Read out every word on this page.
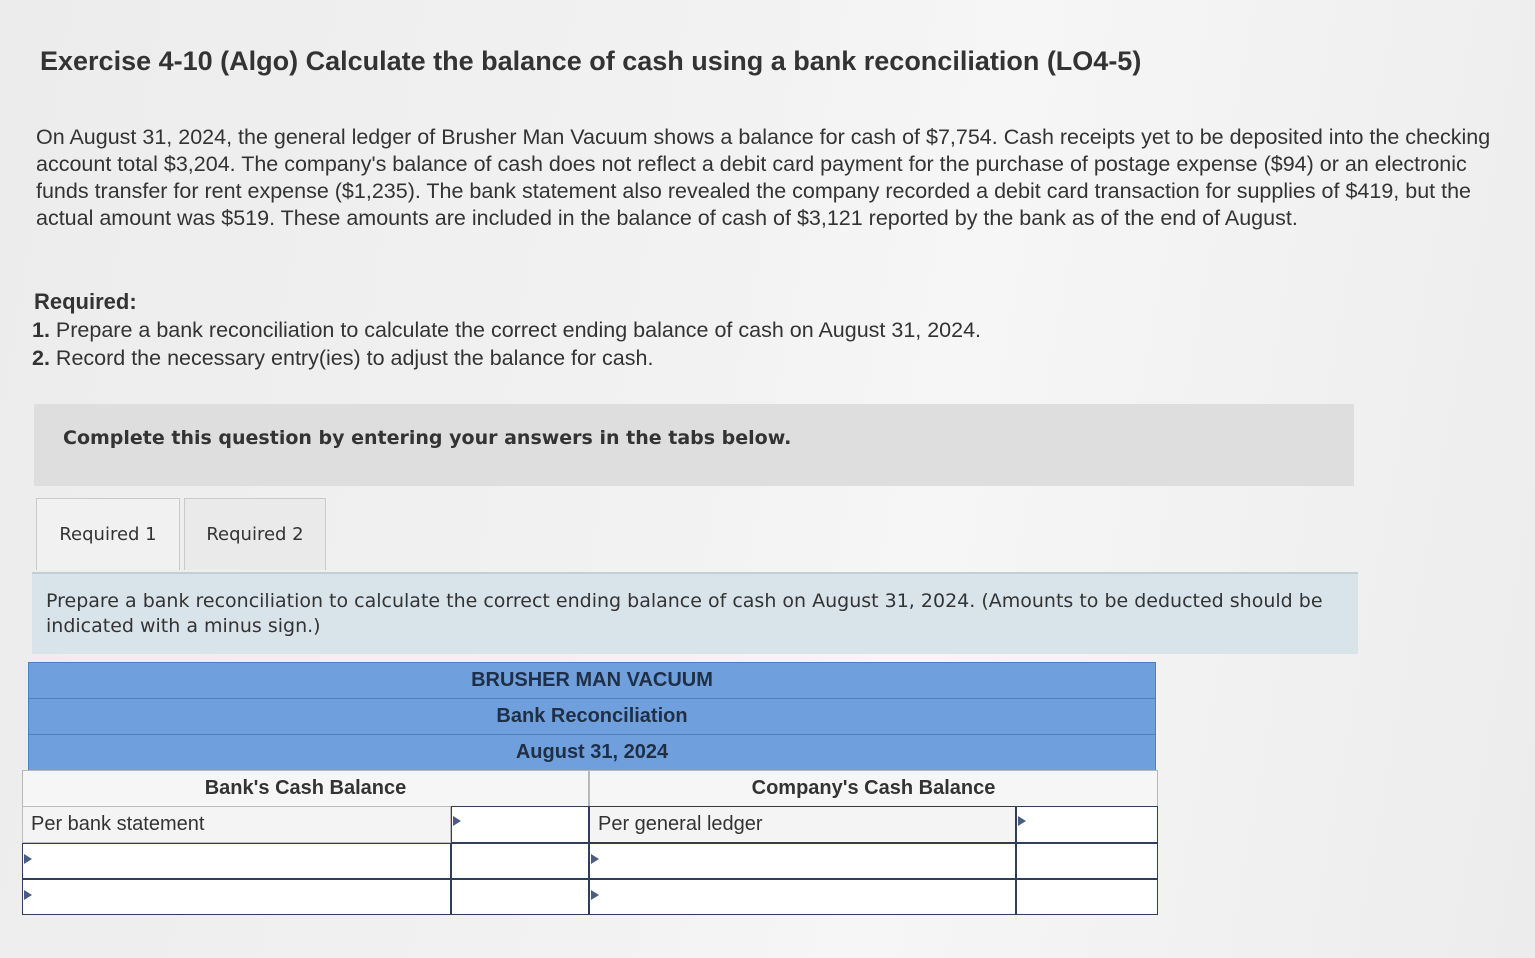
Exercise 4-10 (Algo) Calculate the balance of cash using a bank reconciliation (LO4-5)
On August 31, 2024, the general ledger of Brusher Man Vacuum shows a balance for cash of $7,754. Cash receipts yet to be deposited into the checking account total $3,204. The company's balance of cash does not reflect a debit card payment for the purchase of postage expense ($94) or an electronic funds transfer for rent expense ($1,235). The bank statement also revealed the company recorded a debit card transaction for supplies of $419, but the actual amount was $519. These amounts are included in the balance of cash of $3,121 reported by the bank as of the end of August.
Required:
1. Prepare a bank reconciliation to calculate the correct ending balance of cash on August 31, 2024.
2. Record the necessary entry(ies) to adjust the balance for cash.
Complete this question by entering your answers in the tabs below.
Required 1	Required 2
Prepare a bank reconciliation to calculate the correct ending balance of cash on August 31, 2024. (Amounts to be deducted should be indicated with a minus sign.)
BRUSHER MAN VACUUM
Bank Reconciliation
August 31, 2024
Bank's Cash Balance	Company's Cash Balance
Per bank statement	Per general ledger
